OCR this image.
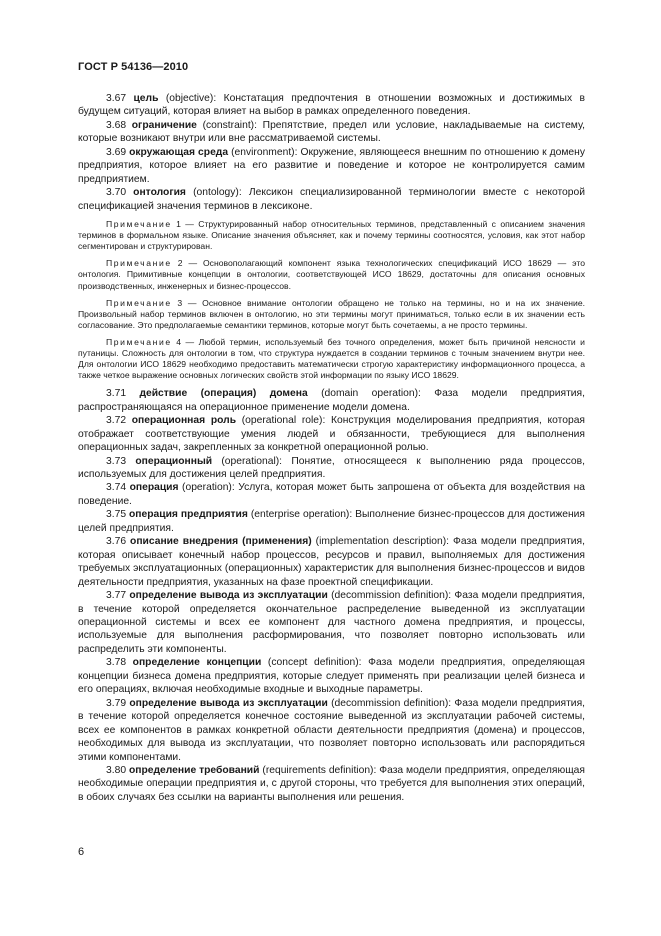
ГОСТ Р 54136—2010

3.67 цель (objective): Констатация предпочтения в отношении возможных и достижимых в будущем ситуаций, которая влияет на выбор в рамках определенного поведения.

3.68 ограничение (constraint): Препятствие, предел или условие, накладываемые на систему, которые возникают внутри или вне рассматриваемой системы.

3.69 окружающая среда (environment): Окружение, являющееся внешним по отношению к домену предприятия, которое влияет на его развитие и поведение и которое не контролируется самим предприятием.

3.70 онтология (ontology): Лексикон специализированной терминологии вместе с некоторой спецификацией значения терминов в лексиконе.

Примечание 1 — Структурированный набор относительных терминов, представленный с описанием значения терминов в формальном языке. Описание значения объясняет, как и почему термины соотносятся, условия, как этот набор сегментирован и структурирован.

Примечание 2 — Основополагающий компонент языка технологических спецификаций ИСО 18629 — это онтология. Примитивные концепции в онтологии, соответствующей ИСО 18629, достаточны для описания основных производственных, инженерных и бизнес-процессов.

Примечание 3 — Основное внимание онтологии обращено не только на термины, но и на их значение. Произвольный набор терминов включен в онтологию, но эти термины могут приниматься, только если в их значении есть согласование. Это предполагаемые семантики терминов, которые могут быть сочетаемы, а не просто термины.

Примечание 4 — Любой термин, используемый без точного определения, может быть причиной неясности и путаницы. Сложность для онтологии в том, что структура нуждается в создании терминов с точным значением внутри нее. Для онтологии ИСО 18629 необходимо предоставить математически строгую характеристику информационного процесса, а также четкое выражение основных логических свойств этой информации по языку ИСО 18629.

3.71 действие (операция) домена (domain operation): Фаза модели предприятия, распространяющаяся на операционное применение модели домена.

3.72 операционная роль (operational role): Конструкция моделирования предприятия, которая отображает соответствующие умения людей и обязанности, требующиеся для выполнения операционных задач, закрепленных за конкретной операционной ролью.

3.73 операционный (operational): Понятие, относящееся к выполнению ряда процессов, используемых для достижения целей предприятия.

3.74 операция (operation): Услуга, которая может быть запрошена от объекта для воздействия на поведение.

3.75 операция предприятия (enterprise operation): Выполнение бизнес-процессов для достижения целей предприятия.

3.76 описание внедрения (применения) (implementation description): Фаза модели предприятия, которая описывает конечный набор процессов, ресурсов и правил, выполняемых для достижения требуемых эксплуатационных (операционных) характеристик для выполнения бизнес-процессов и видов деятельности предприятия, указанных на фазе проектной спецификации.

3.77 определение вывода из эксплуатации (decommission definition): Фаза модели предприятия, в течение которой определяется окончательное распределение выведенной из эксплуатации операционной системы и всех ее компонент для частного домена предприятия, и процессы, используемые для выполнения расформирования, что позволяет повторно использовать или распределить эти компоненты.

3.78 определение концепции (concept definition): Фаза модели предприятия, определяющая концепции бизнеса домена предприятия, которые следует применять при реализации целей бизнеса и его операциях, включая необходимые входные и выходные параметры.

3.79 определение вывода из эксплуатации (decommission definition): Фаза модели предприятия, в течение которой определяется конечное состояние выведенной из эксплуатации рабочей системы, всех ее компонентов в рамках конкретной области деятельности предприятия (домена) и процессов, необходимых для вывода из эксплуатации, что позволяет повторно использовать или распорядиться этими компонентами.

3.80 определение требований (requirements definition): Фаза модели предприятия, определяющая необходимые операции предприятия и, с другой стороны, что требуется для выполнения этих операций, в обоих случаях без ссылки на варианты выполнения или решения.

6
